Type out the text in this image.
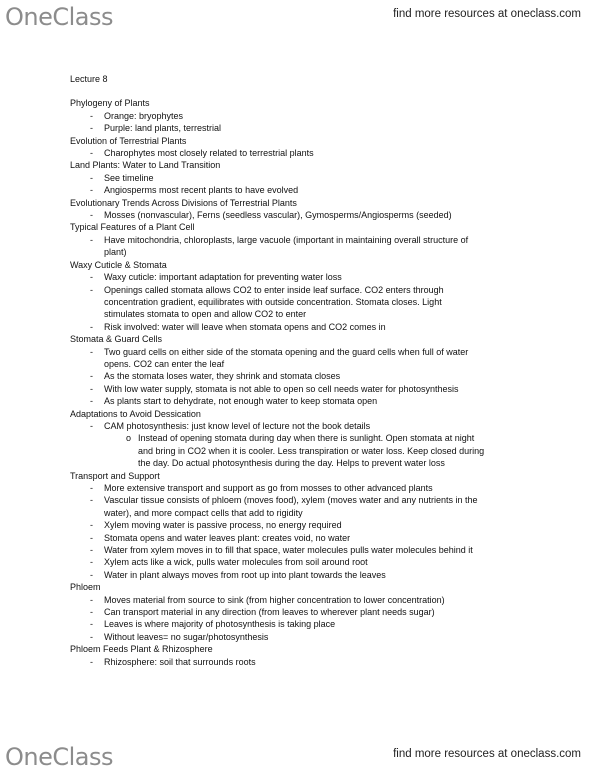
OneClass	find more resources at oneclass.com
Lecture 8
Phylogeny of Plants
- Orange: bryophytes
- Purple: land plants, terrestrial
Evolution of Terrestrial Plants
- Charophytes most closely related to terrestrial plants
Land Plants: Water to Land Transition
- See timeline
- Angiosperms most recent plants to have evolved
Evolutionary Trends Across Divisions of Terrestrial Plants
- Mosses (nonvascular), Ferns (seedless vascular), Gymosperms/Angiosperms (seeded)
Typical Features of a Plant Cell
- Have mitochondria, chloroplasts, large vacuole (important in maintaining overall structure of
plant)
Waxy Cuticle & Stomata
- Waxy cuticle: important adaptation for preventing water loss
- Openings called stomata allows CO2 to enter inside leaf surface. CO2 enters through
concentration gradient, equilibrates with outside concentration. Stomata closes. Light
stimulates stomata to open and allow CO2 to enter
- Risk involved: water will leave when stomata opens and CO2 comes in
Stomata & Guard Cells
- Two guard cells on either side of the stomata opening and the guard cells when full of water
opens. CO2 can enter the leaf
- As the stomata loses water, they shrink and stomata closes
- With low water supply, stomata is not able to open so cell needs water for photosynthesis
- As plants start to dehydrate, not enough water to keep stomata open
Adaptations to Avoid Dessication
- CAM photosynthesis: just know level of lecture not the book details
o Instead of opening stomata during day when there is sunlight. Open stomata at night
and bring in CO2 when it is cooler. Less transpiration or water loss. Keep closed during
the day. Do actual photosynthesis during the day. Helps to prevent water loss
Transport and Support
- More extensive transport and support as go from mosses to other advanced plants
- Vascular tissue consists of phloem (moves food), xylem (moves water and any nutrients in the
water), and more compact cells that add to rigidity
- Xylem moving water is passive process, no energy required
- Stomata opens and water leaves plant: creates void, no water
- Water from xylem moves in to fill that space, water molecules pulls water molecules behind it
- Xylem acts like a wick, pulls water molecules from soil around root
- Water in plant always moves from root up into plant towards the leaves
Phloem
- Moves material from source to sink (from higher concentration to lower concentration)
- Can transport material in any direction (from leaves to wherever plant needs sugar)
- Leaves is where majority of photosynthesis is taking place
- Without leaves= no sugar/photosynthesis
Phloem Feeds Plant & Rhizosphere
- Rhizosphere: soil that surrounds roots
OneClass	find more resources at oneclass.com
